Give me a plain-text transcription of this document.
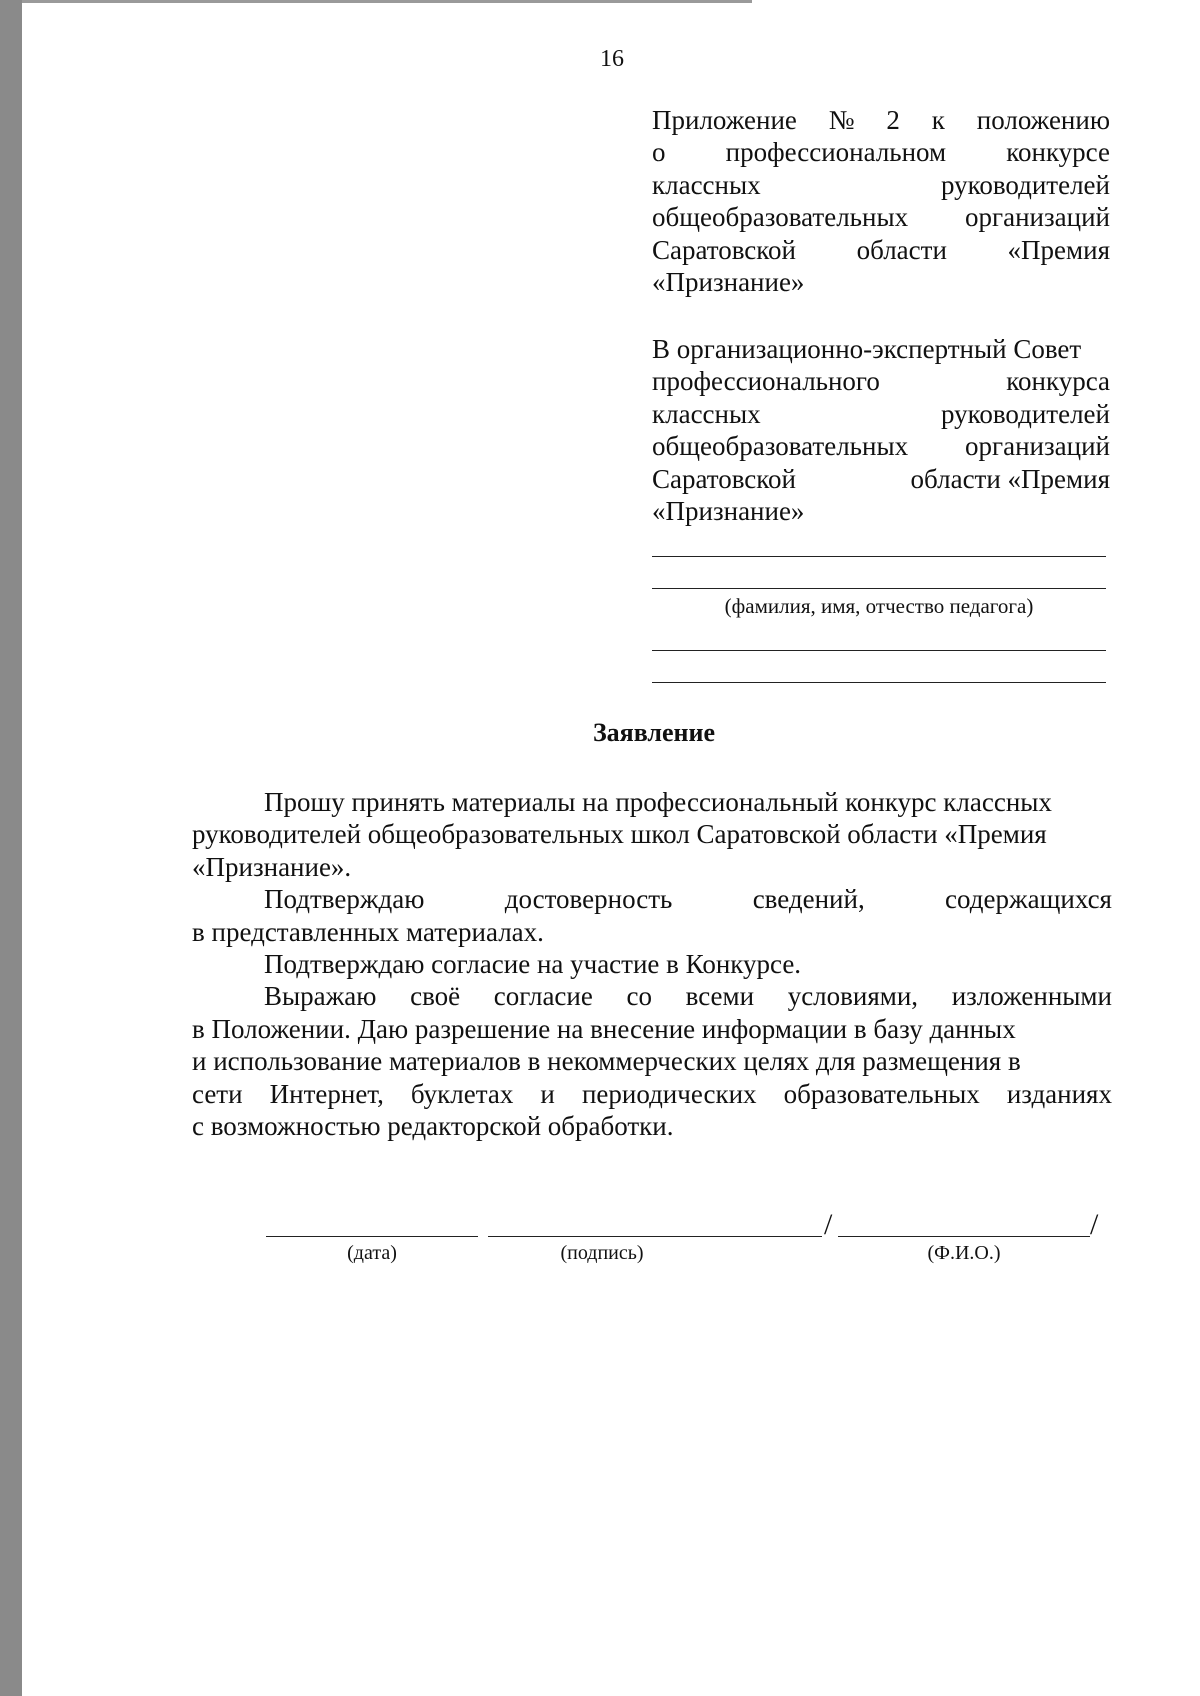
16
Приложение № 2 к положению
о профессиональном конкурсе
классных	руководителей
общеобразовательных организаций
Саратовской области «Премия
«Признание»
В организационно-экспертный Совет
профессионального	конкурса
классных	руководителей
общеобразовательных организаций
Саратовской	области «Премия
«Признание»
(фамилия, имя, отчество педагога)
Заявление
Прошу принять материалы на профессиональный конкурс классных
руководителей общеобразовательных школ Саратовской области «Премия
«Признание».
Подтверждаю	достоверность	сведений,	содержащихся
в представленных материалах.
Подтверждаю согласие на участие в Конкурсе.
Выражаю своё согласие со всеми условиями, изложенными
в Положении. Даю разрешение на внесение информации в базу данных
и использование материалов в некоммерческих целях для размещения в
сети Интернет, буклетах и периодических образовательных изданиях
с возможностью редакторской обработки.
/	/
(дата)	(подпись)	(Ф.И.О.)
